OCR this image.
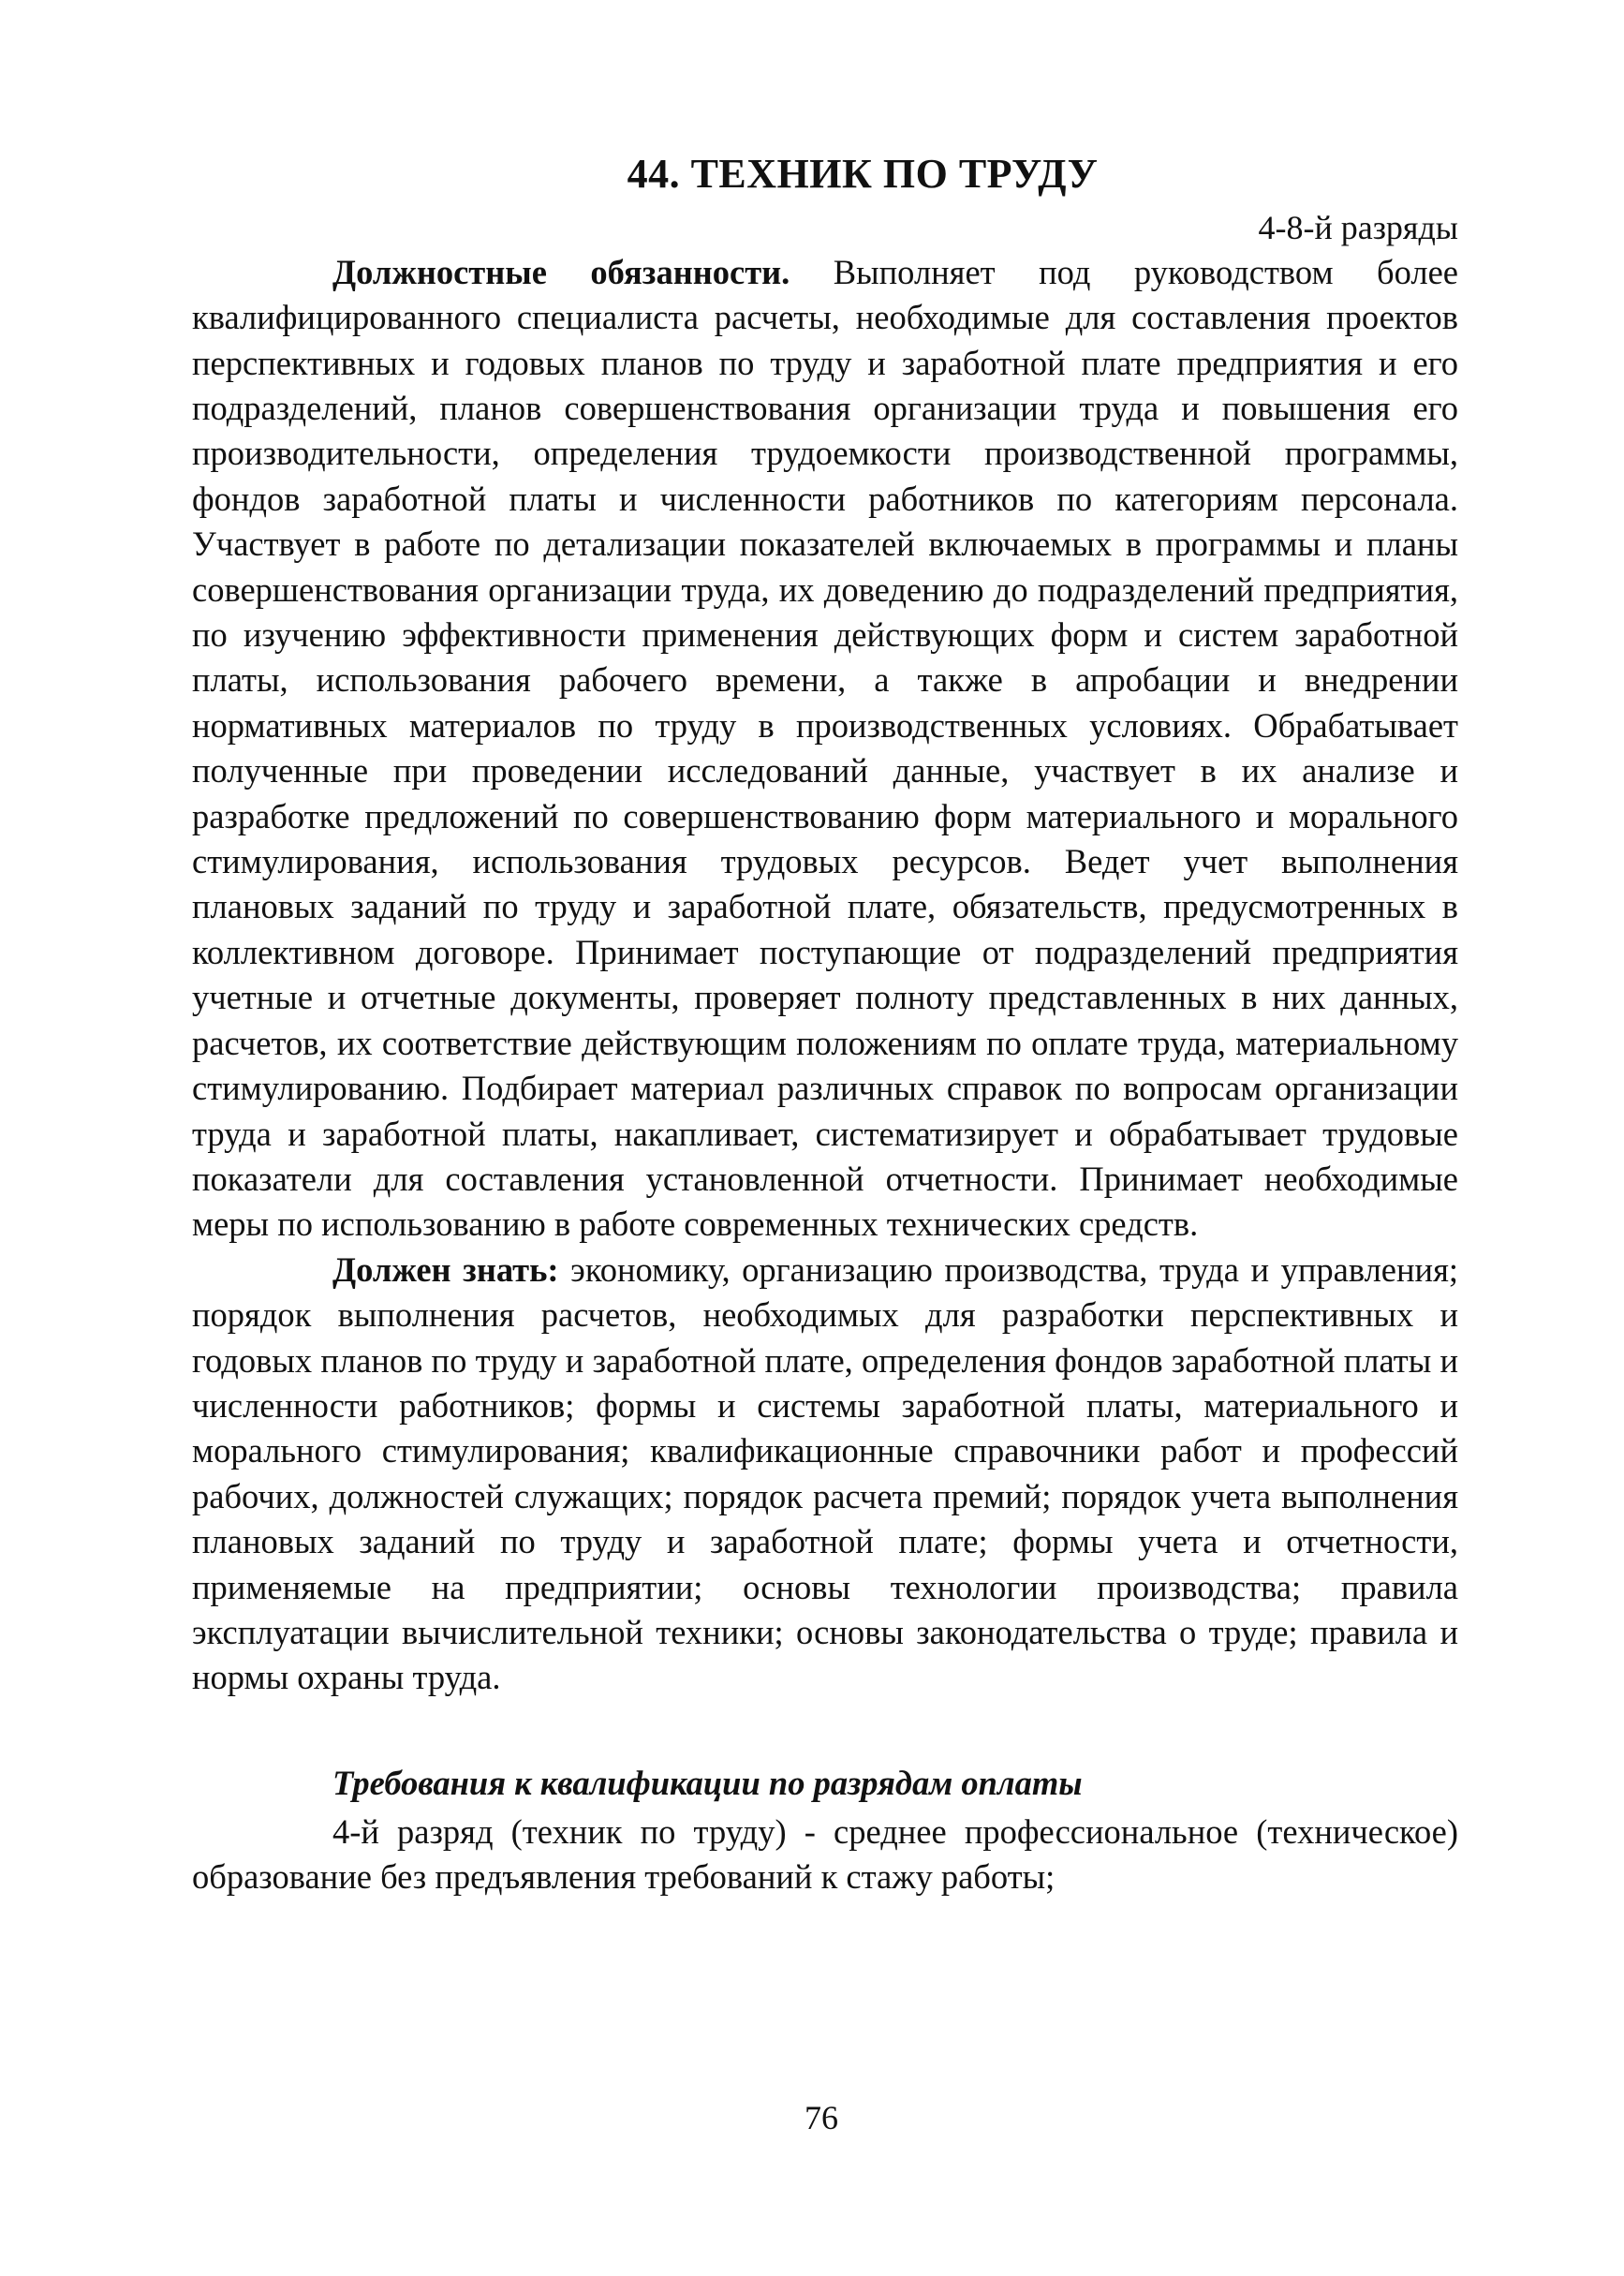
44. ТЕХНИК ПО ТРУДУ
4-8-й разряды

Должностные обязанности. Выполняет под руководством более квалифицированного специалиста расчеты, необходимые для составления проектов перспективных и годовых планов по труду и заработной плате предприятия и его подразделений, планов совершенствования организации труда и повышения его производительности, определения трудоемкости производственной программы, фондов заработной платы и численности работников по категориям персонала. Участвует в работе по детализации показателей включаемых в программы и планы совершенствования организации труда, их доведению до подразделений предприятия, по изучению эффективности применения действующих форм и систем заработной платы, использования рабочего времени, а также в апробации и внедрении нормативных материалов по труду в производственных условиях. Обрабатывает полученные при проведении исследований данные, участвует в их анализе и разработке предложений по совершенствованию форм материального и морального стимулирования, использования трудовых ресурсов. Ведет учет выполнения плановых заданий по труду и заработной плате, обязательств, предусмотренных в коллективном договоре. Принимает поступающие от подразделений предприятия учетные и отчетные документы, проверяет полноту представленных в них данных, расчетов, их соответствие действующим положениям по оплате труда, материальному стимулированию. Подбирает материал различных справок по вопросам организации труда и заработной платы, накапливает, систематизирует и обрабатывает трудовые показатели для составления установленной отчетности. Принимает необходимые меры по использованию в работе современных технических средств.

Должен знать: экономику, организацию производства, труда и управления; порядок выполнения расчетов, необходимых для разработки перспективных и годовых планов по труду и заработной плате, определения фондов заработной платы и численности работников; формы и системы заработной платы, материального и морального стимулирования; квалификационные справочники работ и профессий рабочих, должностей служащих; порядок расчета премий; порядок учета выполнения плановых заданий по труду и заработной плате; формы учета и отчетности, применяемые на предприятии; основы технологии производства; правила эксплуатации вычислительной техники; основы законодательства о труде; правила и нормы охраны труда.

Требования к квалификации по разрядам оплаты

4-й разряд (техник по труду) - среднее профессиональное (техническое) образование без предъявления требований к стажу работы;

76
